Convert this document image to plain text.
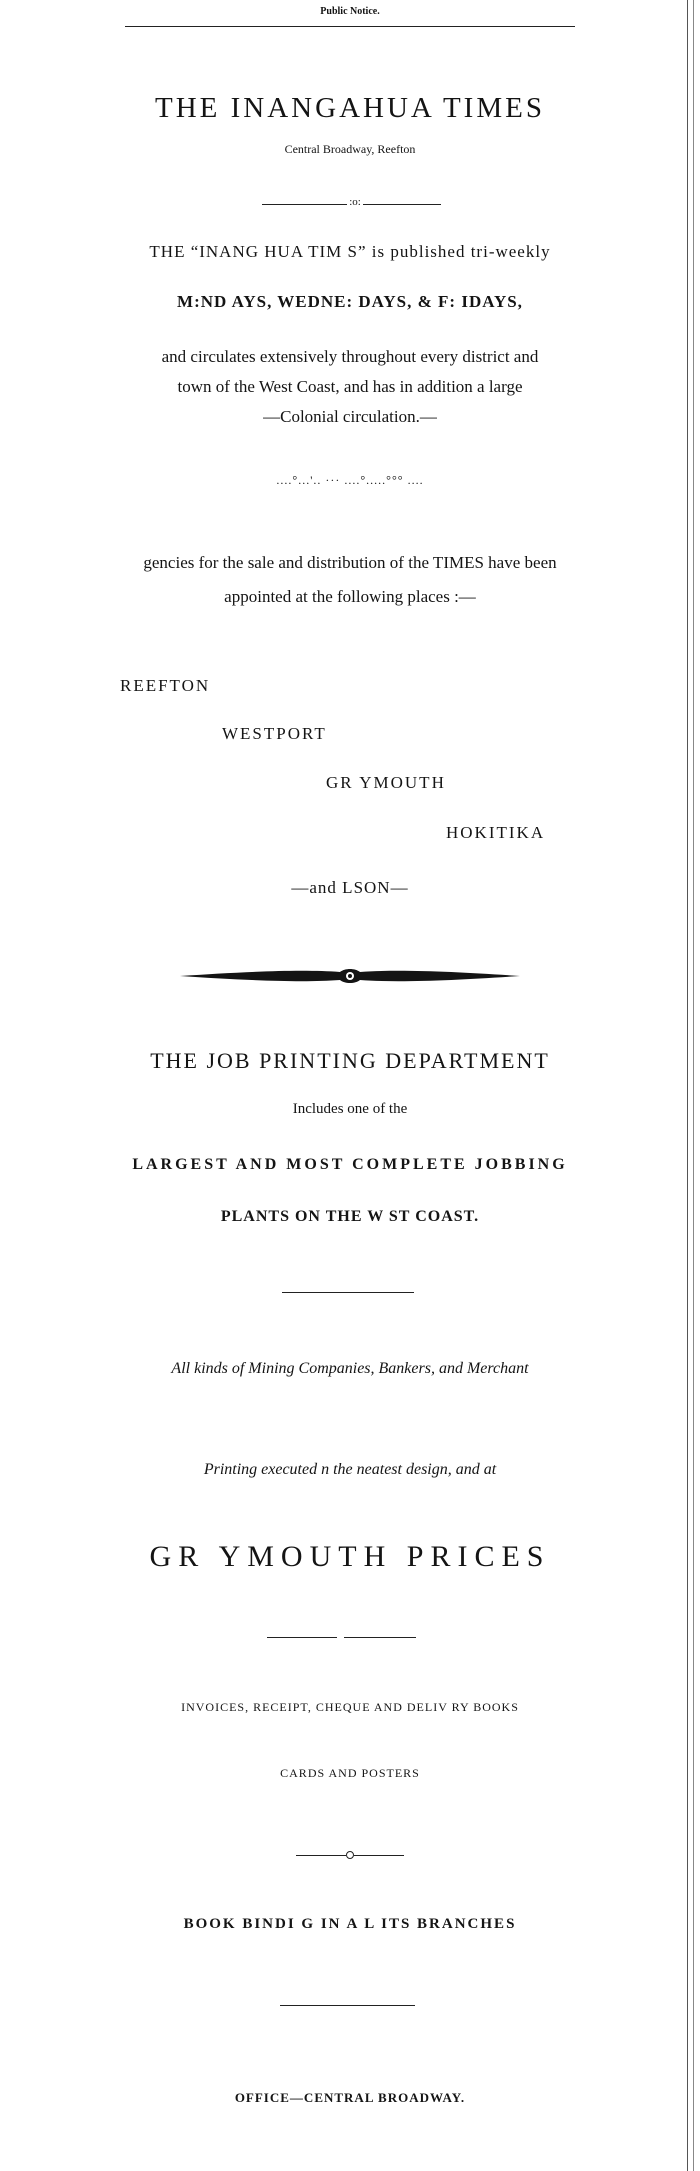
Public Notice.
THE INANGAHUA TIMES
Central Broadway, Reefton
:o:
THE “INANG HUA TIM S” is published tri-weekly
M:ND AYS, WEDNE: DAYS, & F: IDAYS,
and circulates extensively throughout every district and
town of the West Coast, and has in addition a large
—Colonial circulation.—
....°...'.. ··· ....°.....°°° ....
gencies for the sale and distribution of the TIMES have been
appointed at the following places :—
REEFTON
WESTPORT
GR YMOUTH
HOKITIKA
—and LSON—
THE JOB PRINTING DEPARTMENT
Includes one of the
LARGEST AND MOST COMPLETE JOBBING
PLANTS ON THE W ST COAST.
All kinds of Mining Companies, Bankers, and Merchant
Printing executed n the neatest design, and at
GR YMOUTH PRICES
INVOICES, RECEIPT, CHEQUE AND DELIV RY BOOKS
CARDS AND POSTERS
BOOK BINDI G IN A L ITS BRANCHES
OFFICE—CENTRAL BROADWAY.
